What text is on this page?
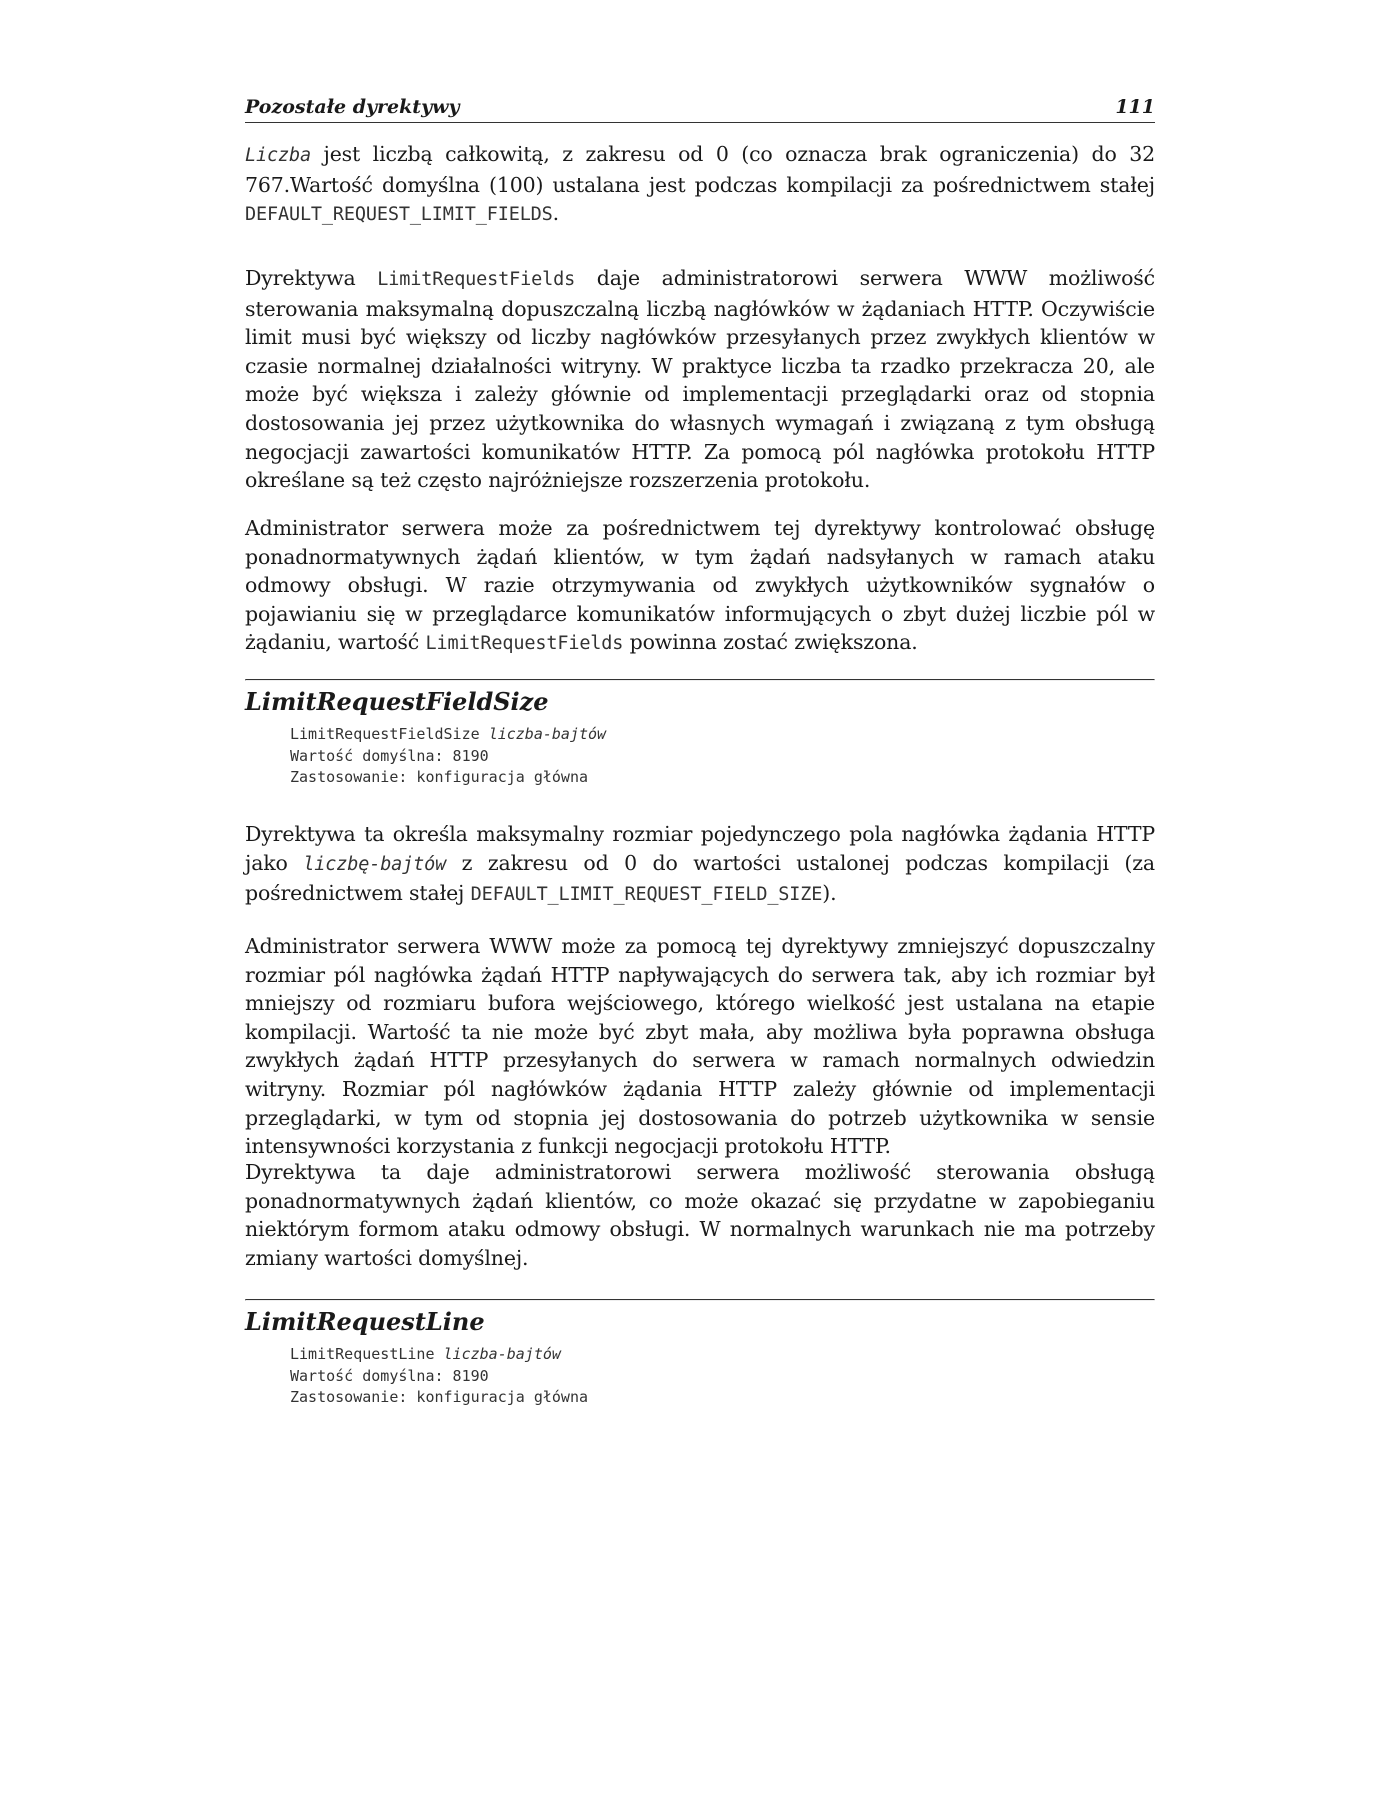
Pozostałe dyrektywy	111

Liczba jest liczbą całkowitą, z zakresu od 0 (co oznacza brak ograniczenia) do 32 767.Wartość domyślna (100) ustalana jest podczas kompilacji za pośrednictwem stałej DEFAULT_REQUEST_LIMIT_FIELDS.

Dyrektywa LimitRequestFields daje administratorowi serwera WWW możliwość sterowania maksymalną dopuszczalną liczbą nagłówków w żądaniach HTTP. Oczywiście limit musi być większy od liczby nagłówków przesyłanych przez zwykłych klientów w czasie normalnej działalności witryny. W praktyce liczba ta rzadko przekracza 20, ale może być większa i zależy głównie od implementacji przeglądarki oraz od stopnia dostosowania jej przez użytkownika do własnych wymagań i związaną z tym obsługą negocjacji zawartości komunikatów HTTP. Za pomocą pól nagłówka protokołu HTTP określane są też często najróżniejsze rozszerzenia protokołu.

Administrator serwera może za pośrednictwem tej dyrektywy kontrolować obsługę ponadnormatywnych żądań klientów, w tym żądań nadsyłanych w ramach ataku odmowy obsługi. W razie otrzymywania od zwykłych użytkowników sygnałów o pojawianiu się w przeglądarce komunikatów informujących o zbyt dużej liczbie pól w żądaniu, wartość LimitRequestFields powinna zostać zwiększona.

LimitRequestFieldSize
LimitRequestFieldSize liczba-bajtów
Wartość domyślna: 8190
Zastosowanie: konfiguracja główna

Dyrektywa ta określa maksymalny rozmiar pojedynczego pola nagłówka żądania HTTP jako liczbę-bajtów z zakresu od 0 do wartości ustalonej podczas kompilacji (za pośrednictwem stałej DEFAULT_LIMIT_REQUEST_FIELD_SIZE).

Administrator serwera WWW może za pomocą tej dyrektywy zmniejszyć dopuszczalny rozmiar pól nagłówka żądań HTTP napływających do serwera tak, aby ich rozmiar był mniejszy od rozmiaru bufora wejściowego, którego wielkość jest ustalana na etapie kompilacji. Wartość ta nie może być zbyt mała, aby możliwa była poprawna obsługa zwykłych żądań HTTP przesyłanych do serwera w ramach normalnych odwiedzin witryny. Rozmiar pól nagłówków żądania HTTP zależy głównie od implementacji przeglądarki, w tym od stopnia jej dostosowania do potrzeb użytkownika w sensie intensywności korzystania z funkcji negocjacji protokołu HTTP.

Dyrektywa ta daje administratorowi serwera możliwość sterowania obsługą ponadnormatywnych żądań klientów, co może okazać się przydatne w zapobieganiu niektórym formom ataku odmowy obsługi. W normalnych warunkach nie ma potrzeby zmiany wartości domyślnej.

LimitRequestLine
LimitRequestLine liczba-bajtów
Wartość domyślna: 8190
Zastosowanie: konfiguracja główna
